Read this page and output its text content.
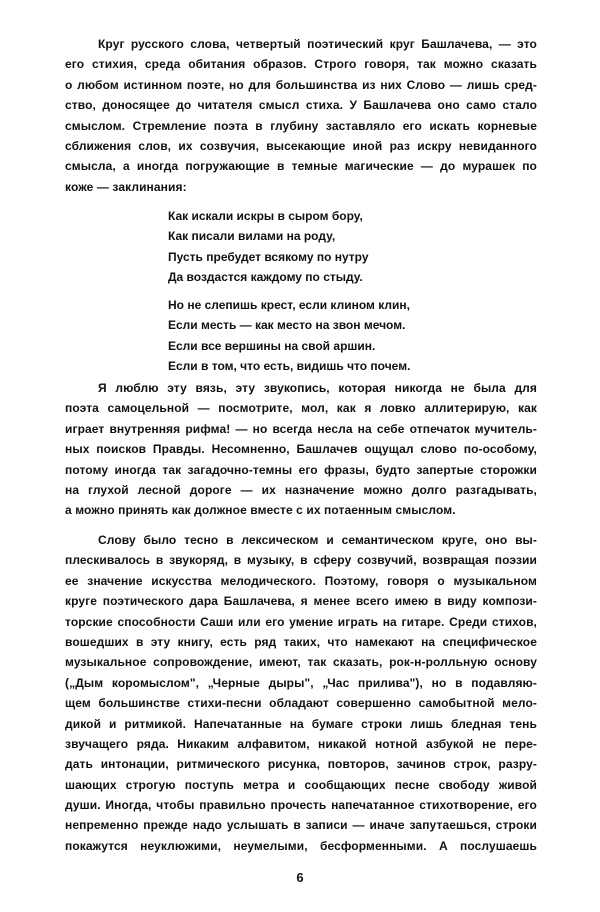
Круг русского слова, четвертый поэтический круг Башлачева, — это
его стихия, среда обитания образов. Строго говоря, так можно сказать
о любом истинном поэте, но для большинства из них Слово — лишь сред-
ство, доносящее до читателя смысл стиха. У Башлачева оно само стало
смыслом. Стремление поэта в глубину заставляло его искать корневые
сближения слов, их созвучия, высекающие иной раз искру невиданного
смысла, а иногда погружающие в темные магические — до мурашек по
коже — заклинания:
Как искали искры в сыром бору,
Как писали вилами на роду,
Пусть пребудет всякому по нутру
Да воздастся каждому по стыду.
Но не слепишь крест, если клином клин,
Если месть — как место на звон мечом.
Если все вершины на свой аршин.
Если в том, что есть, видишь что почем.
Я люблю эту вязь, эту звукопись, которая никогда не была для
поэта самоцельной — посмотрите, мол, как я ловко аллитерирую, как
играет внутренняя рифма! — но всегда несла на себе отпечаток мучитель-
ных поисков Правды. Несомненно, Башлачев ощущал слово по-особому,
потому иногда так загадочно-темны его фразы, будто запертые сторожки
на глухой лесной дороге — их назначение можно долго разгадывать,
а можно принять как должное вместе с их потаенным смыслом.
Слову было тесно в лексическом и семантическом круге, оно вы-
плескивалось в звукоряд, в музыку, в сферу созвучий, возвращая поэзии
ее значение искусства мелодического. Поэтому, говоря о музыкальном
круге поэтического дара Башлачева, я менее всего имею в виду компози-
торские способности Саши или его умение играть на гитаре. Среди стихов,
вошедших в эту книгу, есть ряд таких, что намекают на специфическое
музыкальное сопровождение, имеют, так сказать, рок-н-ролльную основу
(„Дым коромыслом", „Черные дыры", „Час прилива"), но в подавляю-
щем большинстве стихи-песни обладают совершенно самобытной мело-
дикой и ритмикой. Напечатанные на бумаге строки лишь бледная тень
звучащего ряда. Никаким алфавитом, никакой нотной азбукой не пере-
дать интонации, ритмического рисунка, повторов, зачинов строк, разру-
шающих строгую поступь метра и сообщающих песне свободу живой
души. Иногда, чтобы правильно прочесть напечатанное стихотворение, его
непременно прежде надо услышать в записи — иначе запутаешься, строки
покажутся неуклюжими, неумелыми, бесформенными. А послушаешь
6
